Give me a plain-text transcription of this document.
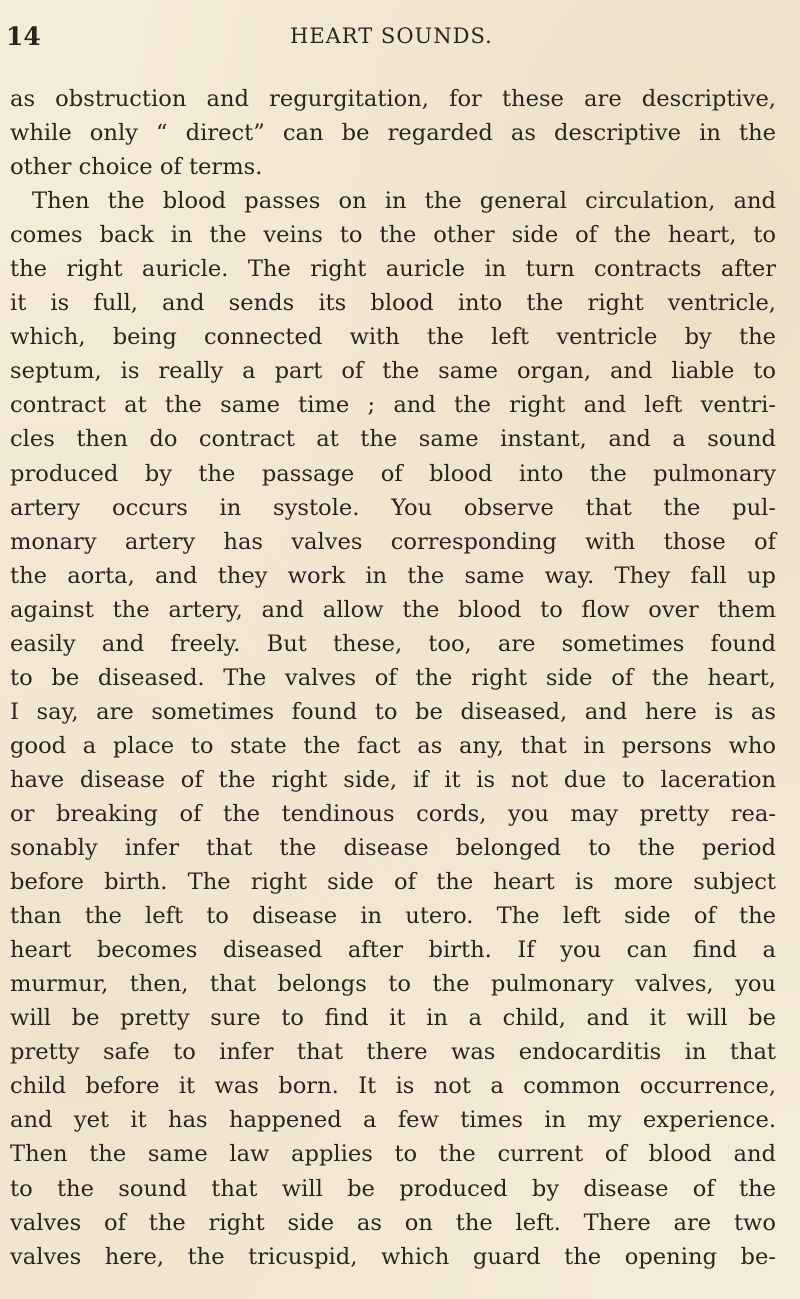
14	HEART SOUNDS.
as obstruction and regurgitation, for these are descriptive,
while only “ direct” can be regarded as descriptive in the
other choice of terms.
Then the blood passes on in the general circulation, and
comes back in the veins to the other side of the heart, to
the right auricle. The right auricle in turn contracts after
it is full, and sends its blood into the right ventricle,
which, being connected with the left ventricle by the
septum, is really a part of the same organ, and liable to
contract at the same time ; and the right and left ventri-
cles then do contract at the same instant, and a sound
produced by the passage of blood into the pulmonary
artery occurs in systole. You observe that the pul-
monary artery has valves corresponding with those of
the aorta, and they work in the same way. They fall up
against the artery, and allow the blood to flow over them
easily and freely. But these, too, are sometimes found
to be diseased. The valves of the right side of the heart,
I say, are sometimes found to be diseased, and here is as
good a place to state the fact as any, that in persons who
have disease of the right side, if it is not due to laceration
or breaking of the tendinous cords, you may pretty rea-
sonably infer that the disease belonged to the period
before birth. The right side of the heart is more subject
than the left to disease in utero. The left side of the
heart becomes diseased after birth. If you can find a
murmur, then, that belongs to the pulmonary valves, you
will be pretty sure to find it in a child, and it will be
pretty safe to infer that there was endocarditis in that
child before it was born. It is not a common occurrence,
and yet it has happened a few times in my experience.
Then the same law applies to the current of blood and
to the sound that will be produced by disease of the
valves of the right side as on the left. There are two
valves here, the tricuspid, which guard the opening be-
